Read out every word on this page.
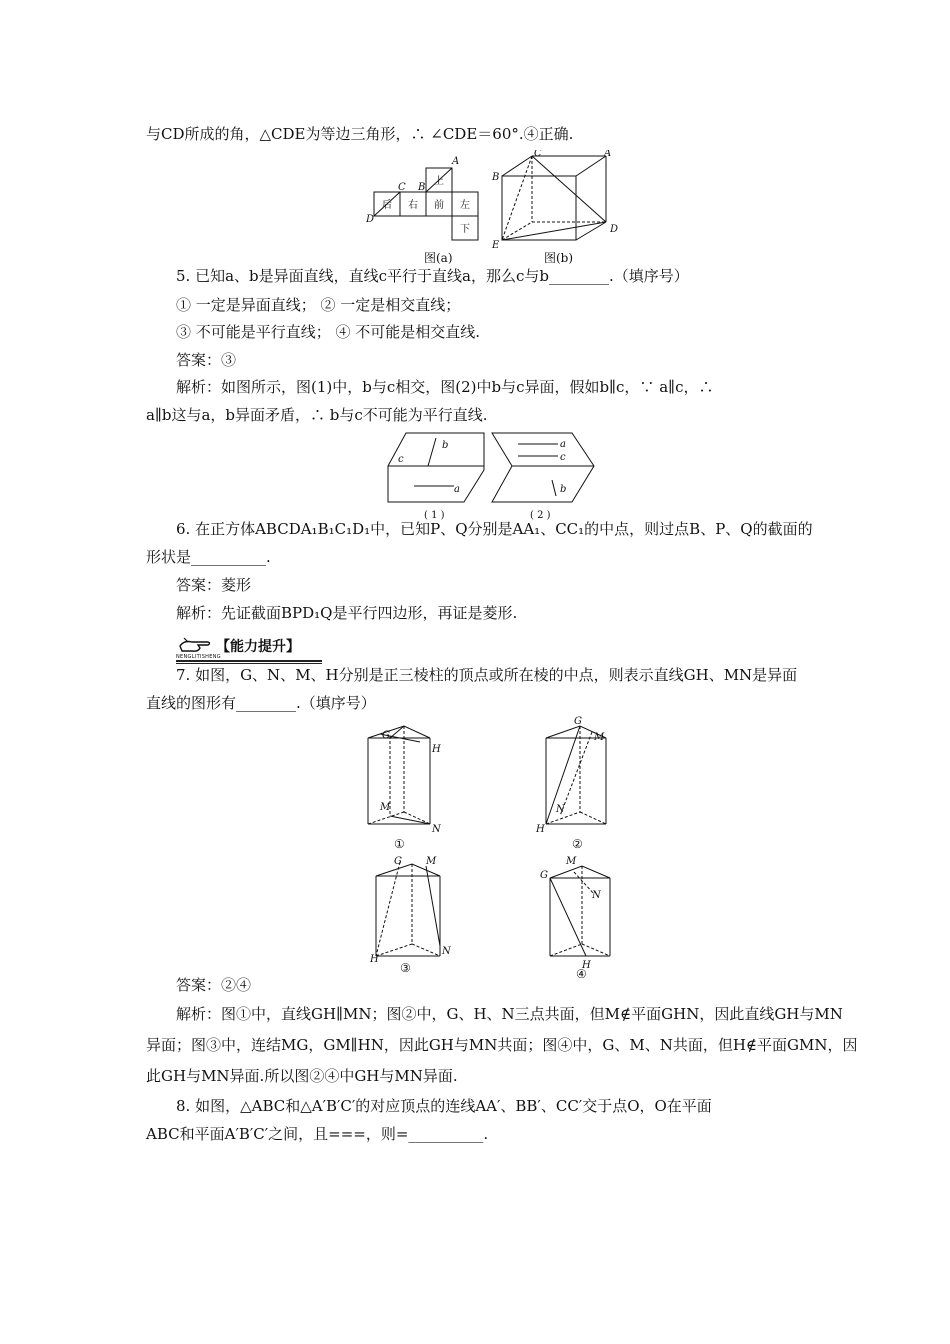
与CD所成的角，△CDE为等边三角形，∴ ∠CDE＝60°.④正确.
后 右 前 左
上
下
A
B
C
D
C	A
B
E
D
图(a)	图(b)
5. 已知a、b是异面直线，直线c平行于直线a，那么c与b________.（填序号）
① 一定是异面直线； ② 一定是相交直线；
③ 不可能是平行直线； ④ 不可能是相交直线.
答案：③
解析：如图所示，图(1)中，b与c相交，图(2)中b与c异面，假如b∥c，∵ a∥c，∴
a∥b这与a，b异面矛盾，∴ b与c不可能为平行直线.
b
c
a
a
c
b
( 1 )	( 2 )
6. 在正方体ABCDA₁B₁C₁D₁中，已知P、Q分别是AA₁、CC₁的中点，则过点B、P、Q的截面的
形状是__________.
答案：菱形
解析：先证截面BPD₁Q是平行四边形，再证是菱形.
【能力提升】
NENGLITISHENG
7. 如图，G、N、M、H分别是正三棱柱的顶点或所在棱的中点，则表示直线GH、MN是异面
直线的图形有________.（填序号）
G
H
M
N
①
G
M
N
H
②
G M
H
N
③
M
G
N
H
④
答案：②④
解析：图①中，直线GH∥MN；图②中，G、H、N三点共面，但M∉平面GHN，因此直线GH与MN
异面；图③中，连结MG，GM∥HN，因此GH与MN共面；图④中，G、M、N共面，但H∉平面GMN，因
此GH与MN异面.所以图②④中GH与MN异面.
8. 如图，△ABC和△A′B′C′的对应顶点的连线AA′、BB′、CC′交于点O，O在平面
ABC和平面A′B′C′之间，且===，则=__________.
